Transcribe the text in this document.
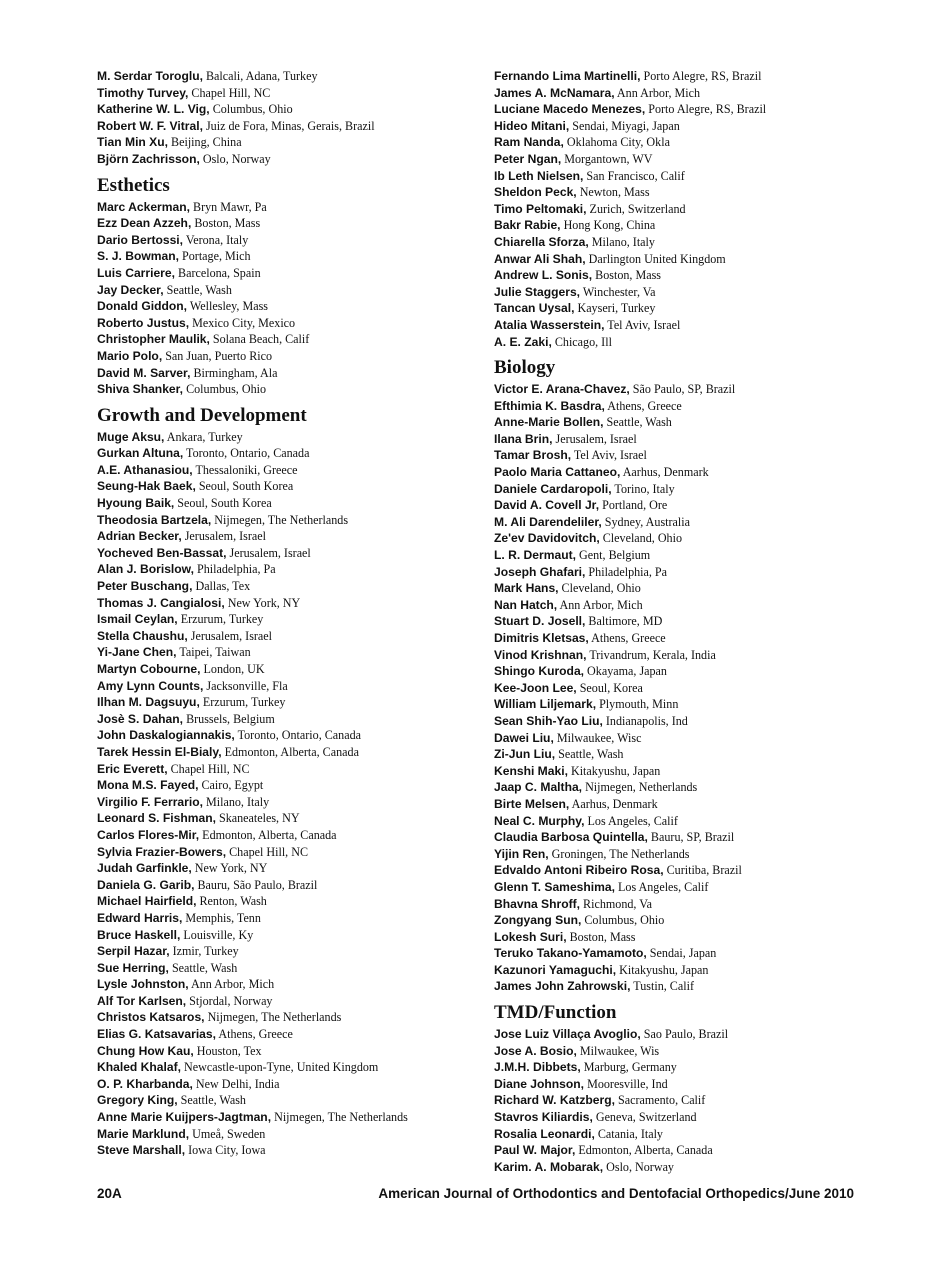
M. Serdar Toroglu, Balcali, Adana, Turkey
Timothy Turvey, Chapel Hill, NC
Katherine W. L. Vig, Columbus, Ohio
Robert W. F. Vitral, Juiz de Fora, Minas, Gerais, Brazil
Tian Min Xu, Beijing, China
Björn Zachrisson, Oslo, Norway
Esthetics
Marc Ackerman, Bryn Mawr, Pa
Ezz Dean Azzeh, Boston, Mass
Dario Bertossi, Verona, Italy
S. J. Bowman, Portage, Mich
Luis Carriere, Barcelona, Spain
Jay Decker, Seattle, Wash
Donald Giddon, Wellesley, Mass
Roberto Justus, Mexico City, Mexico
Christopher Maulik, Solana Beach, Calif
Mario Polo, San Juan, Puerto Rico
David M. Sarver, Birmingham, Ala
Shiva Shanker, Columbus, Ohio
Growth and Development
Muge Aksu, Ankara, Turkey
Gurkan Altuna, Toronto, Ontario, Canada
A.E. Athanasiou, Thessaloniki, Greece
Seung-Hak Baek, Seoul, South Korea
Hyoung Baik, Seoul, South Korea
Theodosia Bartzela, Nijmegen, The Netherlands
Adrian Becker, Jerusalem, Israel
Yocheved Ben-Bassat, Jerusalem, Israel
Alan J. Borislow, Philadelphia, Pa
Peter Buschang, Dallas, Tex
Thomas J. Cangialosi, New York, NY
Ismail Ceylan, Erzurum, Turkey
Stella Chaushu, Jerusalem, Israel
Yi-Jane Chen, Taipei, Taiwan
Martyn Cobourne, London, UK
Amy Lynn Counts, Jacksonville, Fla
Ilhan M. Dagsuyu, Erzurum, Turkey
Josè S. Dahan, Brussels, Belgium
John Daskalogiannakis, Toronto, Ontario, Canada
Tarek Hessin El-Bialy, Edmonton, Alberta, Canada
Eric Everett, Chapel Hill, NC
Mona M.S. Fayed, Cairo, Egypt
Virgilio F. Ferrario, Milano, Italy
Leonard S. Fishman, Skaneateles, NY
Carlos Flores-Mir, Edmonton, Alberta, Canada
Sylvia Frazier-Bowers, Chapel Hill, NC
Judah Garfinkle, New York, NY
Daniela G. Garib, Bauru, São Paulo, Brazil
Michael Hairfield, Renton, Wash
Edward Harris, Memphis, Tenn
Bruce Haskell, Louisville, Ky
Serpil Hazar, Izmir, Turkey
Sue Herring, Seattle, Wash
Lysle Johnston, Ann Arbor, Mich
Alf Tor Karlsen, Stjordal, Norway
Christos Katsaros, Nijmegen, The Netherlands
Elias G. Katsavarias, Athens, Greece
Chung How Kau, Houston, Tex
Khaled Khalaf, Newcastle-upon-Tyne, United Kingdom
O. P. Kharbanda, New Delhi, India
Gregory King, Seattle, Wash
Anne Marie Kuijpers-Jagtman, Nijmegen, The Netherlands
Marie Marklund, Umeå, Sweden
Steve Marshall, Iowa City, Iowa
Fernando Lima Martinelli, Porto Alegre, RS, Brazil
James A. McNamara, Ann Arbor, Mich
Luciane Macedo Menezes, Porto Alegre, RS, Brazil
Hideo Mitani, Sendai, Miyagi, Japan
Ram Nanda, Oklahoma City, Okla
Peter Ngan, Morgantown, WV
Ib Leth Nielsen, San Francisco, Calif
Sheldon Peck, Newton, Mass
Timo Peltomaki, Zurich, Switzerland
Bakr Rabie, Hong Kong, China
Chiarella Sforza, Milano, Italy
Anwar Ali Shah, Darlington United Kingdom
Andrew L. Sonis, Boston, Mass
Julie Staggers, Winchester, Va
Tancan Uysal, Kayseri, Turkey
Atalia Wasserstein, Tel Aviv, Israel
A. E. Zaki, Chicago, Ill
Biology
Victor E. Arana-Chavez, São Paulo, SP, Brazil
Efthimia K. Basdra, Athens, Greece
Anne-Marie Bollen, Seattle, Wash
Ilana Brin, Jerusalem, Israel
Tamar Brosh, Tel Aviv, Israel
Paolo Maria Cattaneo, Aarhus, Denmark
Daniele Cardaropoli, Torino, Italy
David A. Covell Jr, Portland, Ore
M. Ali Darendeliler, Sydney, Australia
Ze'ev Davidovitch, Cleveland, Ohio
L. R. Dermaut, Gent, Belgium
Joseph Ghafari, Philadelphia, Pa
Mark Hans, Cleveland, Ohio
Nan Hatch, Ann Arbor, Mich
Stuart D. Josell, Baltimore, MD
Dimitris Kletsas, Athens, Greece
Vinod Krishnan, Trivandrum, Kerala, India
Shingo Kuroda, Okayama, Japan
Kee-Joon Lee, Seoul, Korea
William Liljemark, Plymouth, Minn
Sean Shih-Yao Liu, Indianapolis, Ind
Dawei Liu, Milwaukee, Wisc
Zi-Jun Liu, Seattle, Wash
Kenshi Maki, Kitakyushu, Japan
Jaap C. Maltha, Nijmegen, Netherlands
Birte Melsen, Aarhus, Denmark
Neal C. Murphy, Los Angeles, Calif
Claudia Barbosa Quintella, Bauru, SP, Brazil
Yijin Ren, Groningen, The Netherlands
Edvaldo Antoni Ribeiro Rosa, Curitiba, Brazil
Glenn T. Sameshima, Los Angeles, Calif
Bhavna Shroff, Richmond, Va
Zongyang Sun, Columbus, Ohio
Lokesh Suri, Boston, Mass
Teruko Takano-Yamamoto, Sendai, Japan
Kazunori Yamaguchi, Kitakyushu, Japan
James John Zahrowski, Tustin, Calif
TMD/Function
Jose Luiz Villaça Avoglio, Sao Paulo, Brazil
Jose A. Bosio, Milwaukee, Wis
J.M.H. Dibbets, Marburg, Germany
Diane Johnson, Mooresville, Ind
Richard W. Katzberg, Sacramento, Calif
Stavros Kiliardis, Geneva, Switzerland
Rosalia Leonardi, Catania, Italy
Paul W. Major, Edmonton, Alberta, Canada
Karim. A. Mobarak, Oslo, Norway
20A	American Journal of Orthodontics and Dentofacial Orthopedics/June 2010
